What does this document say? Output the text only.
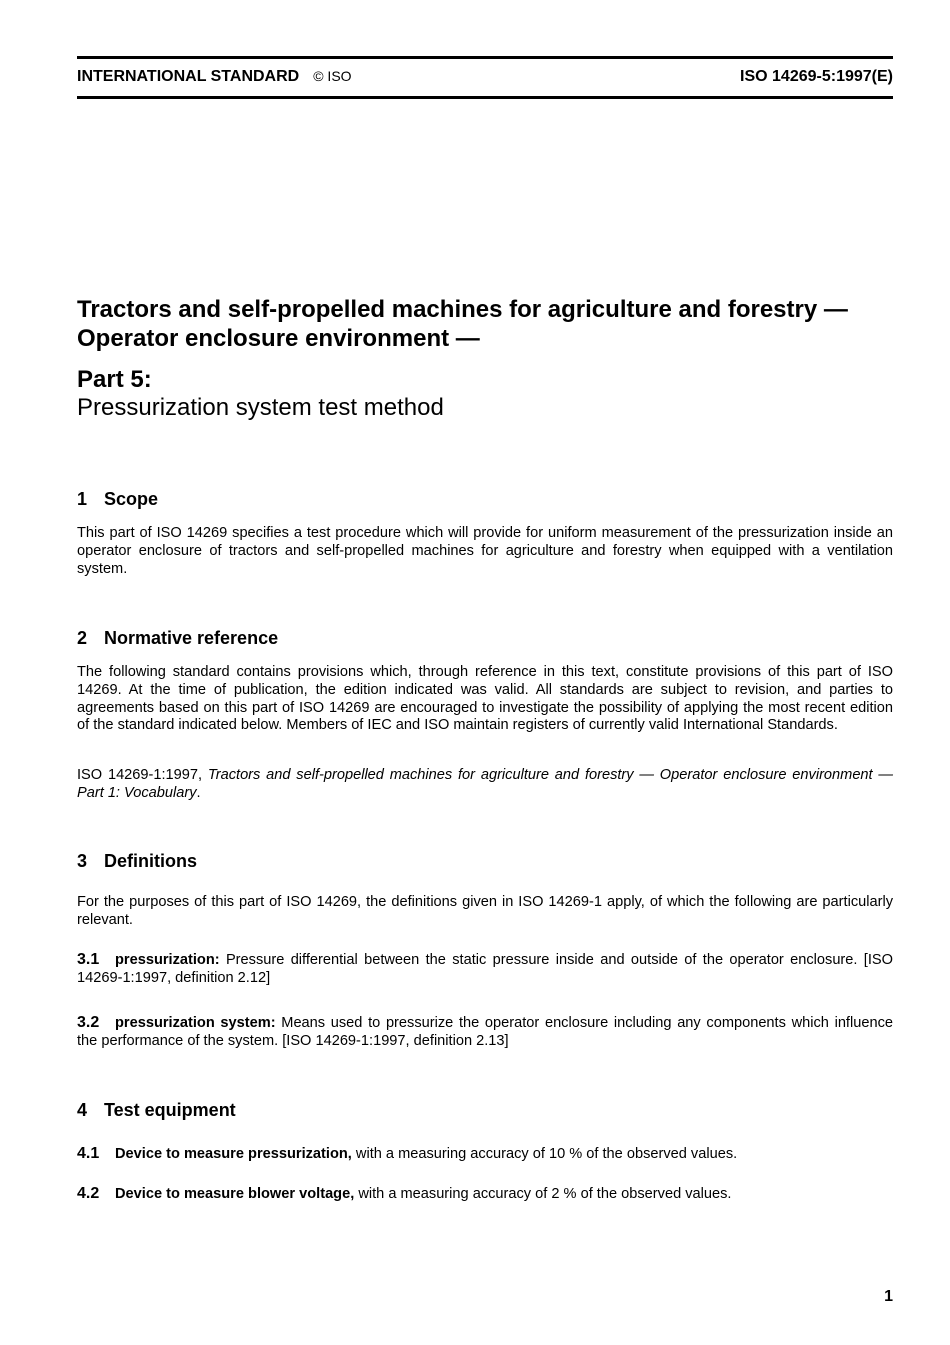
INTERNATIONAL STANDARD © ISO	ISO 14269-5:1997(E)
Tractors and self-propelled machines for agriculture and forestry — Operator enclosure environment —
Part 5:
Pressurization system test method
1 Scope
This part of ISO 14269 specifies a test procedure which will provide for uniform measurement of the pressurization inside an operator enclosure of tractors and self-propelled machines for agriculture and forestry when equipped with a ventilation system.
2 Normative reference
The following standard contains provisions which, through reference in this text, constitute provisions of this part of ISO 14269. At the time of publication, the edition indicated was valid. All standards are subject to revision, and parties to agreements based on this part of ISO 14269 are encouraged to investigate the possibility of applying the most recent edition of the standard indicated below. Members of IEC and ISO maintain registers of currently valid International Standards.
ISO 14269-1:1997, Tractors and self-propelled machines for agriculture and forestry — Operator enclosure environment — Part 1: Vocabulary.
3 Definitions
For the purposes of this part of ISO 14269, the definitions given in ISO 14269-1 apply, of which the following are particularly relevant.
3.1 pressurization: Pressure differential between the static pressure inside and outside of the operator enclosure. [ISO 14269-1:1997, definition 2.12]
3.2 pressurization system: Means used to pressurize the operator enclosure including any components which influence the performance of the system. [ISO 14269-1:1997, definition 2.13]
4 Test equipment
4.1 Device to measure pressurization, with a measuring accuracy of 10 % of the observed values.
4.2 Device to measure blower voltage, with a measuring accuracy of 2 % of the observed values.
1
